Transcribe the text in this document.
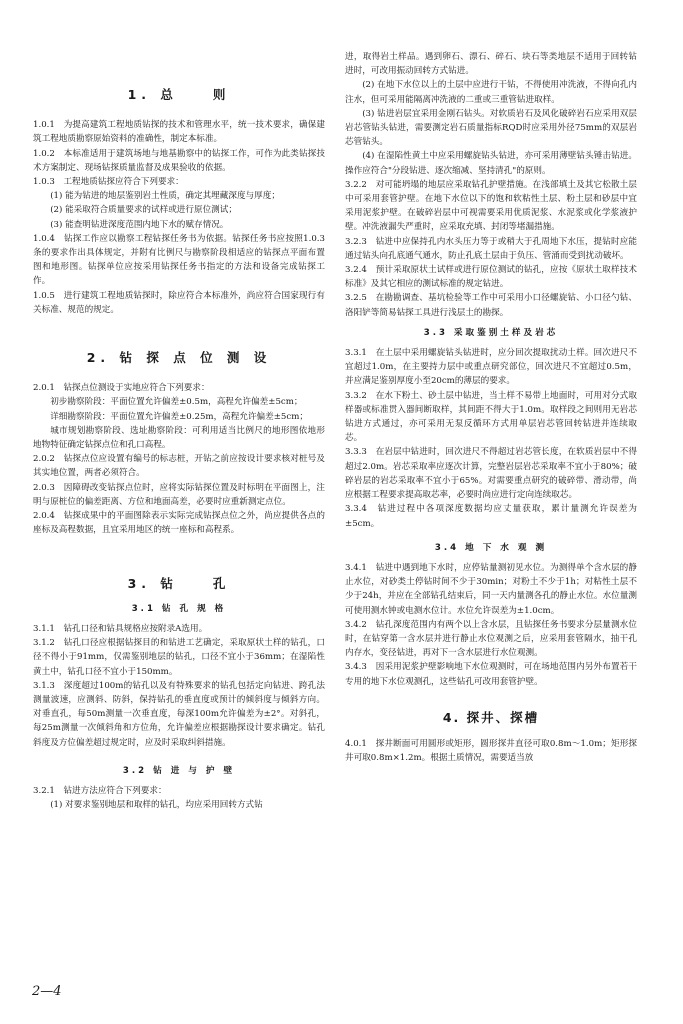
1. 总　　则

1.0.1　为提高建筑工程地质钻探的技术和管理水平，统一技术要求，确保建筑工程地质勘察原始资料的准确性，制定本标准。

1.0.2　本标准适用于建筑场地与地基勘察中的钻探工作，可作为此类钻探技术方案制定、现场钻探质量监督及成果验收的依据。

1.0.3　工程地质钻探应符合下列要求：

(1) 能为钻进的地层鉴别岩土性质，确定其埋藏深度与厚度；

(2) 能采取符合质量要求的试样或进行原位测试；

(3) 能查明钻进深度范围内地下水的赋存情况。

1.0.4　钻探工作应以勘察工程钻探任务书为依据。钻探任务书应按照1.0.3条的要求作出具体规定，并附有比例尺与勘察阶段相适应的钻探点平面布置图和地形图。钻探单位应按采用钻探任务书指定的方法和设备完成钻探工作。

1.0.5　进行建筑工程地质钻探时，除应符合本标准外，尚应符合国家现行有关标准、规范的规定。

2. 钻 探 点 位 测 设

2.0.1　钻探点位测设于实地应符合下列要求：

初步勘察阶段：平面位置允许偏差±0.5m，高程允许偏差±5cm；

详细勘察阶段：平面位置允许偏差±0.25m，高程允许偏差±5cm；

城市规划勘察阶段、选址勘察阶段：可利用适当比例尺的地形图依地形地物特征确定钻探点位和孔口高程。

2.0.2　钻探点位应设置有编号的标志桩，开钻之前应按设计要求核对桩号及其实地位置，两者必须符合。

2.0.3　因障碍改变钻探点位时，应将实际钻探位置及时标明在平面图上，注明与原桩位的偏差距离、方位和地面高差，必要时应重新测定点位。

2.0.4　钻探成果中的平面图除表示实际完成钻探点位之外，尚应提供各点的座标及高程数据，且宜采用地区的统一座标和高程系。

3. 钻　　孔
3.1 钻 孔 规 格

3.1.1　钻孔口径和钻具规格应按附录A选用。

3.1.2　钻孔口径应根据钻探目的和钻进工艺确定，采取原状土样的钻孔，口径不得小于91mm，仅需鉴别地层的钻孔，口径不宜小于36mm；在湿陷性黄土中，钻孔口径不宜小于150mm。

3.1.3　深度超过100m的钻孔以及有特殊要求的钻孔包括定向钻进、跨孔法测量波速，应测斜、防斜，保持钻孔的垂直度或预计的倾斜度与倾斜方向。对垂直孔，每50m测量一次垂直度，每深100m允许偏差为±2°。对斜孔，每25m测量一次倾斜角和方位角，允许偏差应根据勘探设计要求确定。钻孔斜度及方位偏差超过规定时，应及时采取纠斜措施。

3.2 钻 进 与 护 壁

3.2.1　钻进方法应符合下列要求：

(1) 对要求鉴别地层和取样的钻孔，均应采用回转方式钻

进，取得岩土样品。遇到卵石、漂石、碎石、块石等类地层不适用于回转钻进时，可改用振动回转方式钻进。

(2) 在地下水位以上的土层中应进行干钻，不得使用冲洗液，不得向孔内注水，但可采用能隔离冲洗液的二重或三重管钻进取样。

(3) 钻进岩层宜采用金刚石钻头。对软质岩石及风化破碎岩石应采用双层岩芯管钻头钻进，需要测定岩石质量指标RQD时应采用外径75mm的双层岩芯管钻头。

(4) 在湿陷性黄土中应采用螺旋钻头钻进，亦可采用薄壁钻头锤击钻进。操作应符合"分段钻进、逐次缩减、坚持清孔"的原则。

3.2.2　对可能坍塌的地层应采取钻孔护壁措施。在浅部填土及其它松散土层中可采用套管护壁。在地下水位以下的饱和软粘性土层、粉土层和砂层中宜采用泥浆护壁。在破碎岩层中可视需要采用优质泥浆、水泥浆或化学浆液护壁。冲洗液漏失严重时，应采取充填、封闭等堵漏措施。

3.2.3　钻进中应保持孔内水头压力等于或稍大于孔周地下水压，提钻时应能通过钻头向孔底通气通水，防止孔底土层由于负压、管涌而受到扰动破坏。

3.2.4　预计采取原状土试样或进行原位测试的钻孔，应按《原状土取样技术标准》及其它相应的测试标准的规定钻进。

3.2.5　在勘勘调查、基坑检验等工作中可采用小口径螺旋钻、小口径勺钻、洛阳铲等简易钻探工具进行浅层土的勘探。

3.3 采取鉴别土样及岩芯

3.3.1　在土层中采用螺旋钻头钻进时，应分回次提取扰动土样。回次进尺不宜超过1.0m，在主要持力层中或重点研究部位，回次进尺不宜超过0.5m，并应满足鉴别厚度小至20cm的薄层的要求。

3.3.2　在水下粉土、砂土层中钻进，当土样不易带上地面时，可用对分式取样器或标准贯入器间断取样，其间距不得大于1.0m。取样段之间则用无岩芯钻进方式通过，亦可采用无泵反循环方式用单层岩芯管回转钻进并连续取芯。

3.3.3　在岩层中钻进时，回次进尺不得超过岩芯管长度，在软质岩层中不得超过2.0m。岩芯采取率应逐次计算，完整岩层岩芯采取率不宜小于80%；破碎岩层的岩芯采取率不宜小于65%。对需要重点研究的破碎带、滑动带，尚应根据工程要求提高取芯率，必要时尚应进行定向连续取芯。

3.3.4　钻进过程中各项深度数据均应丈量获取，累计量测允许误差为±5cm。

3.4 地 下 水 观 测

3.4.1　钻进中遇到地下水时，应停钻量测初见水位。为测得单个含水层的静止水位，对砂类土停钻时间不少于30min；对粉土不少于1h；对粘性土层不少于24h，并应在全部钻孔结束后，同一天内量测各孔的静止水位。水位量测可使用测水钟或电测水位计。水位允许误差为±1.0cm。

3.4.2　钻孔深度范围内有两个以上含水层，且钻探任务书要求分层量测水位时，在钻穿第一含水层并进行静止水位观测之后，应采用套管隔水，抽干孔内存水，变径钻进，再对下一含水层进行水位观测。

3.4.3　因采用泥浆护壁影响地下水位观测时，可在场地范围内另外布置若干专用的地下水位观测孔，这些钻孔可改用套管护壁。

4. 探井、探槽

4.0.1　探井断面可用圆形或矩形，圆形探井直径可取0.8m～1.0m；矩形探井可取0.8m×1.2m。根据土质情况，需要适当放

2—4
